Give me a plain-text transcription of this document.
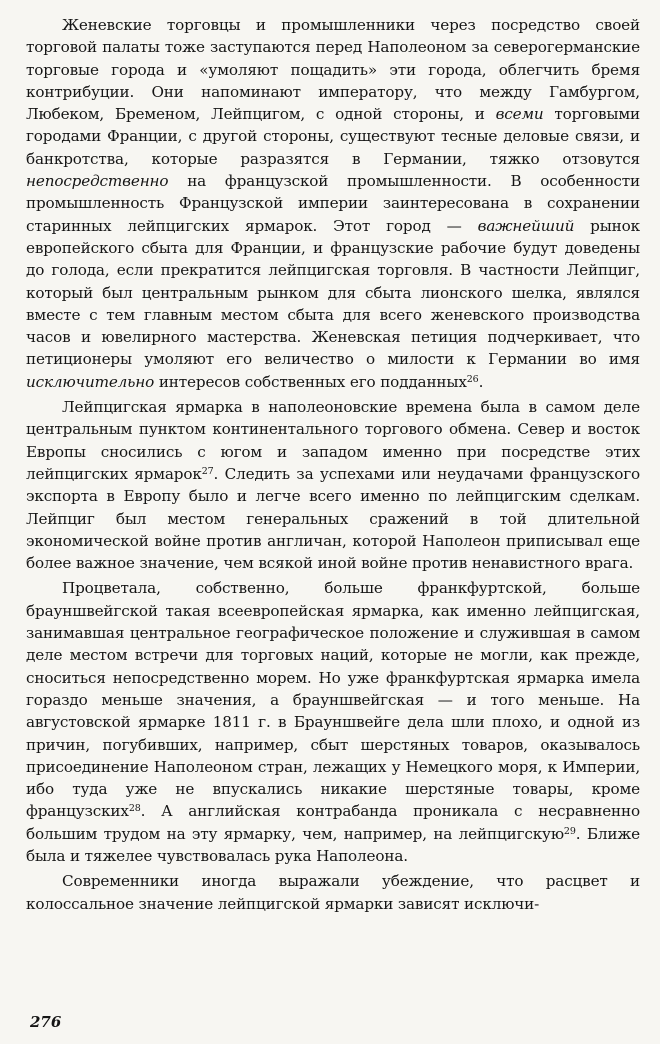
Женевские торговцы и промышленники через посредство своей торговой палаты тоже заступаются перед Наполеоном за северогерманские торговые города и «умоляют пощадить» эти города, облегчить бремя контрибуции. Они напоминают императору, что между Гамбургом, Любеком, Бременом, Лейпцигом, с одной стороны, и всеми торговыми городами Франции, с другой стороны, существуют тесные деловые связи, и банкротства, которые разразятся в Германии, тяжко отзовутся непосредственно на французской промышленности. В особенности промышленность Французской империи заинтересована в сохранении старинных лейпцигских ярмарок. Этот город — важнейший рынок европейского сбыта для Франции, и французские рабочие будут доведены до голода, если прекратится лейпцигская торговля. В частности Лейпциг, который был центральным рынком для сбыта лионского шелка, являлся вместе с тем главным местом сбыта для всего женевского производства часов и ювелирного мастерства. Женевская петиция подчеркивает, что петиционеры умоляют его величество о милости к Германии во имя исключительно интересов собственных его подданных$^{26}$.

Лейпцигская ярмарка в наполеоновские времена была в самом деле центральным пунктом континентального торгового обмена. Север и восток Европы сносились с югом и западом именно при посредстве этих лейпцигских ярмарок$^{27}$. Следить за успехами или неудачами французского экспорта в Европу было и легче всего именно по лейпцигским сделкам. Лейпциг был местом генеральных сражений в той длительной экономической войне против англичан, которой Наполеон приписывал еще более важное значение, чем всякой иной войне против ненавистного врага.

Процветала, собственно, больше франкфуртской, больше брауншвейгской такая всеевропейская ярмарка, как именно лейпцигская, занимавшая центральное географическое положение и служившая в самом деле местом встречи для торговых наций, которые не могли, как прежде, сноситься непосредственно морем. Но уже франкфуртская ярмарка имела гораздо меньше значения, а брауншвейгская — и того меньше. На августовской ярмарке 1811 г. в Брауншвейге дела шли плохо, и одной из причин, погубивших, например, сбыт шерстяных товаров, оказывалось присоединение Наполеоном стран, лежащих у Немецкого моря, к Империи, ибо туда уже не впускались никакие шерстяные товары, кроме французских$^{28}$. А английская контрабанда проникала с несравненно большим трудом на эту ярмарку, чем, например, на лейпцигскую$^{29}$. Ближе была и тяжелее чувствовалась рука Наполеона.

Современники иногда выражали убеждение, что расцвет и колоссальное значение лейпцигской ярмарки зависят исключи-

276
